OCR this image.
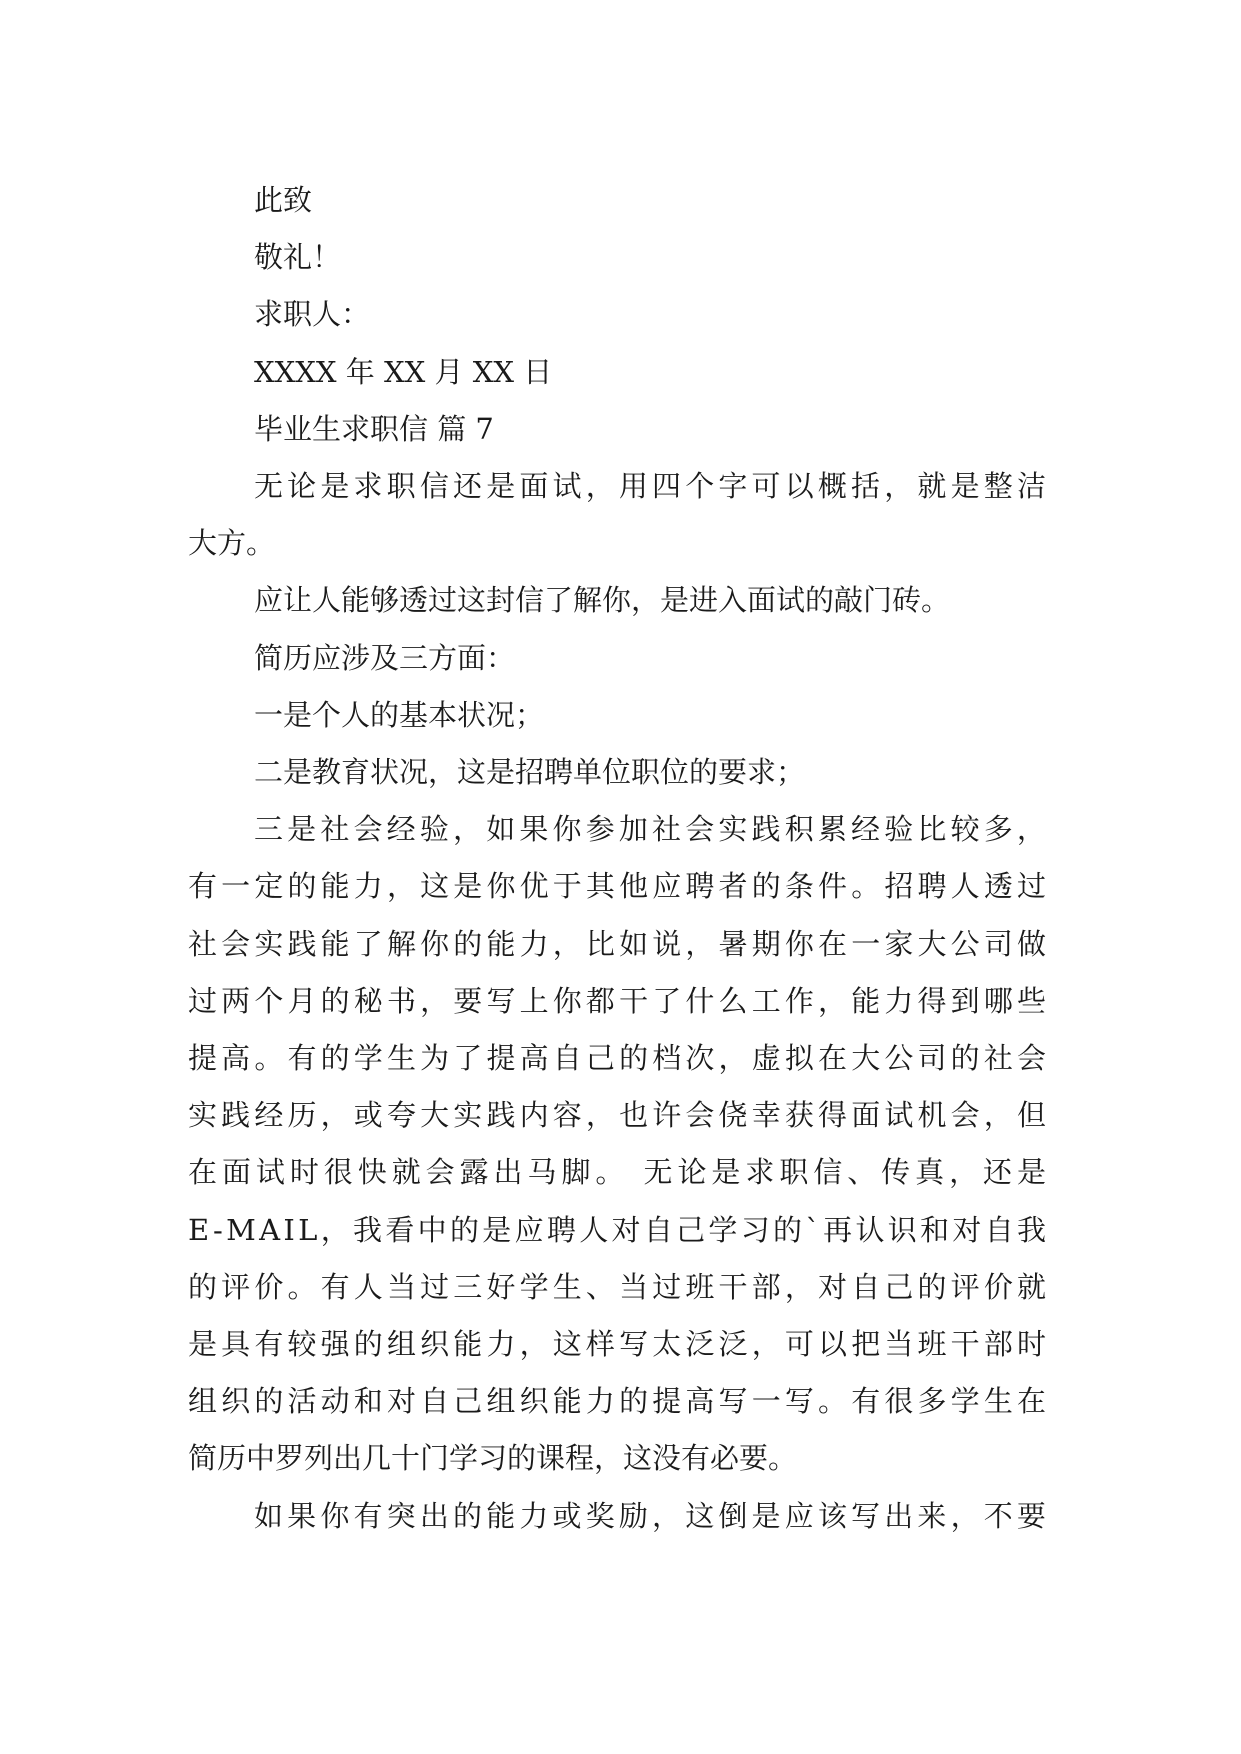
此致

敬礼！

求职人：

XXXX 年 XX 月 XX 日

毕业生求职信 篇 7

无论是求职信还是面试，用四个字可以概括，就是整洁

大方。

应让人能够透过这封信了解你，是进入面试的敲门砖。

简历应涉及三方面：

一是个人的基本状况；

二是教育状况，这是招聘单位职位的要求；

三是社会经验，如果你参加社会实践积累经验比较多，

有一定的能力，这是你优于其他应聘者的条件。招聘人透过

社会实践能了解你的能力，比如说，暑期你在一家大公司做

过两个月的秘书，要写上你都干了什么工作，能力得到哪些

提高。有的学生为了提高自己的档次，虚拟在大公司的社会

实践经历，或夸大实践内容，也许会侥幸获得面试机会，但

在面试时很快就会露出马脚。 无论是求职信、传真，还是

E-MAIL，我看中的是应聘人对自己学习的`再认识和对自我

的评价。有人当过三好学生、当过班干部，对自己的评价就

是具有较强的组织能力，这样写太泛泛，可以把当班干部时

组织的活动和对自己组织能力的提高写一写。有很多学生在

简历中罗列出几十门学习的课程，这没有必要。

如果你有突出的能力或奖励，这倒是应该写出来，不要
